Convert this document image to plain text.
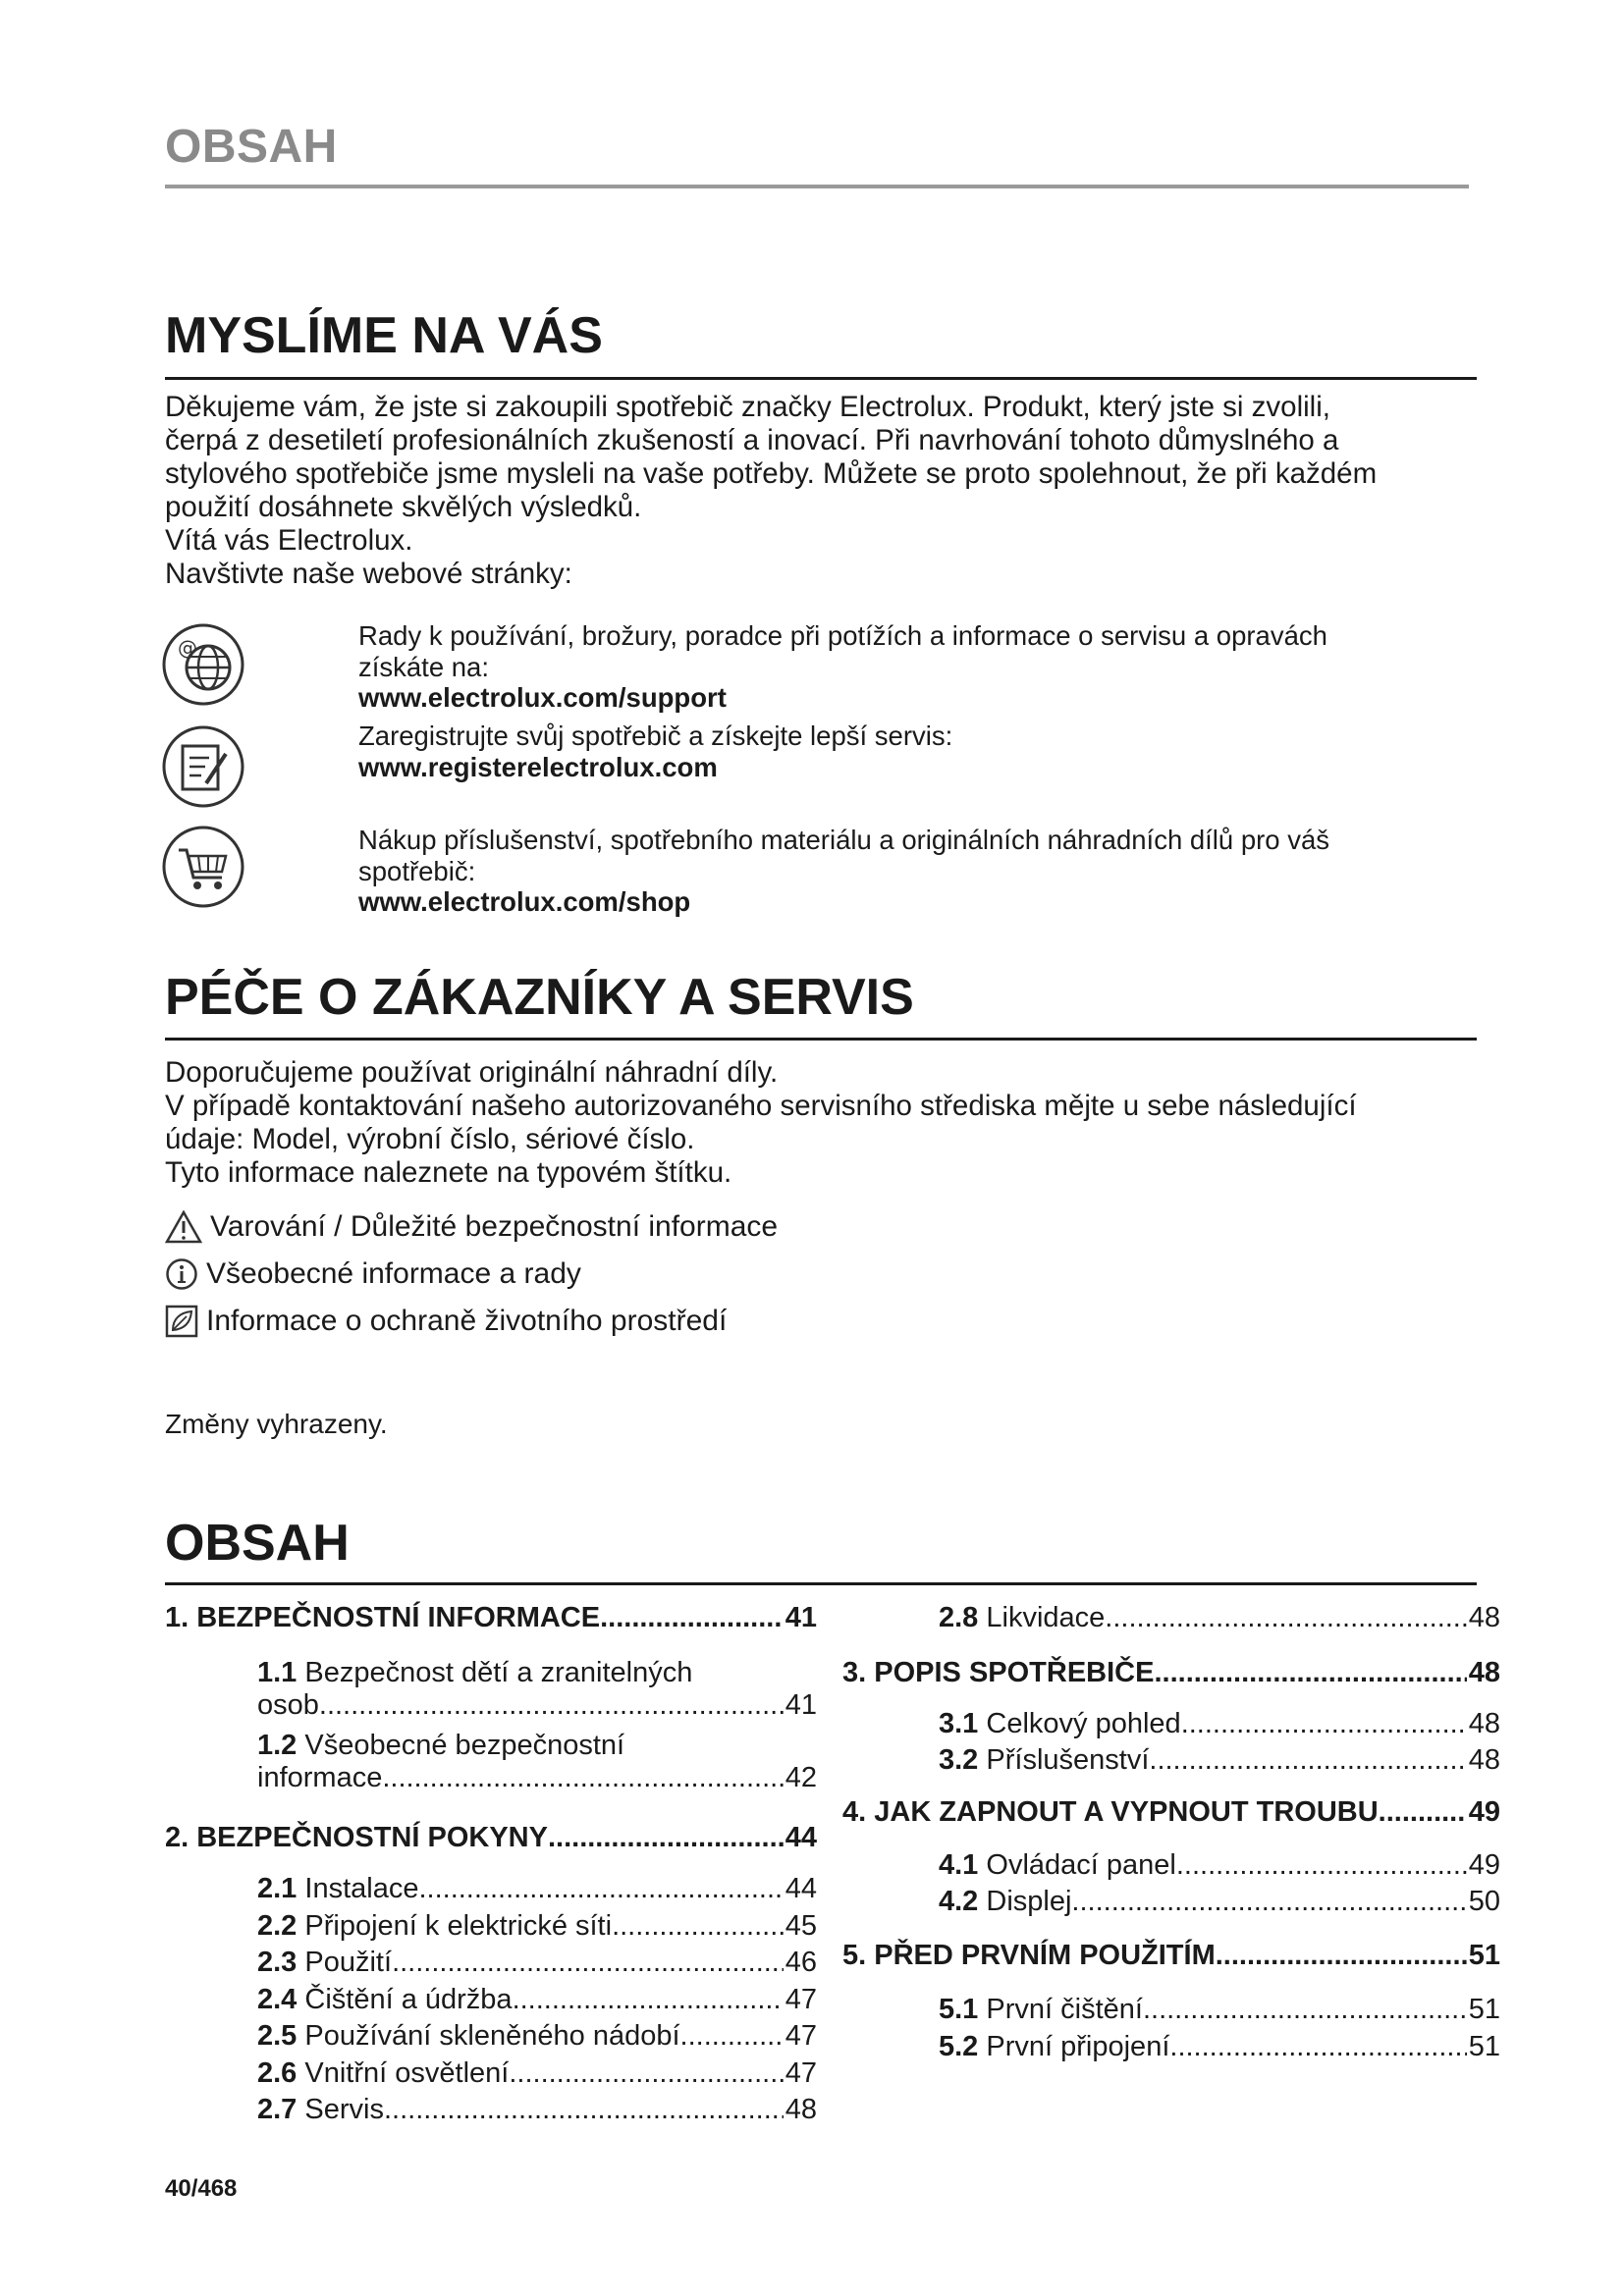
OBSAH
MYSLÍME NA VÁS
Děkujeme vám, že jste si zakoupili spotřebič značky Electrolux. Produkt, který jste si zvolili,
čerpá z desetiletí profesionálních zkušeností a inovací. Při navrhování tohoto důmyslného a
stylového spotřebiče jsme mysleli na vaše potřeby. Můžete se proto spolehnout, že při každém
použití dosáhnete skvělých výsledků.
Vítá vás Electrolux.
Navštivte naše webové stránky:
@	Rady k používání, brožury, poradce při potížích a informace o servisu a opravách
získáte na:
www.electrolux.com/support
Zaregistrujte svůj spotřebič a získejte lepší servis:
www.registerelectrolux.com
Nákup příslušenství, spotřebního materiálu a originálních náhradních dílů pro váš
spotřebič:
www.electrolux.com/shop
PÉČE O ZÁKAZNÍKY A SERVIS
Doporučujeme používat originální náhradní díly.
V případě kontaktování našeho autorizovaného servisního střediska mějte u sebe následující
údaje: Model, výrobní číslo, sériové číslo.
Tyto informace naleznete na typovém štítku.
Varování / Důležité bezpečnostní informace
Všeobecné informace a rady
Informace o ochraně životního prostředí
Změny vyhrazeny.
OBSAH
1. BEZPEČNOSTNÍ INFORMACE .....	41
1.1 Bezpečnost dětí a zranitelných
osob .....	41
1.2 Všeobecné bezpečnostní
informace .....	42
2. BEZPEČNOSTNÍ POKYNY .....	44
2.1
Instalace .....	44
2.2
Připojení k elektrické síti .....	45
2.3
Použití .....	46
2.4
Čištění a údržba .....	47
2.5
Používání skleněného nádobí .....	47
2.6
Vnitřní osvětlení .....	47
2.7
Servis .....	48
2.8
Likvidace .....	48
3. POPIS SPOTŘEBIČE .....	48
3.1
Celkový pohled .....	48
3.2
Příslušenství .....	48
4. JAK ZAPNOUT A VYPNOUT TROUBU .....	49
4.1
Ovládací panel .....	49
4.2
Displej .....	50
5. PŘED PRVNÍM POUŽITÍM .....	51
5.1
První čištění .....	51
5.2
První připojení .....	51
40/468
